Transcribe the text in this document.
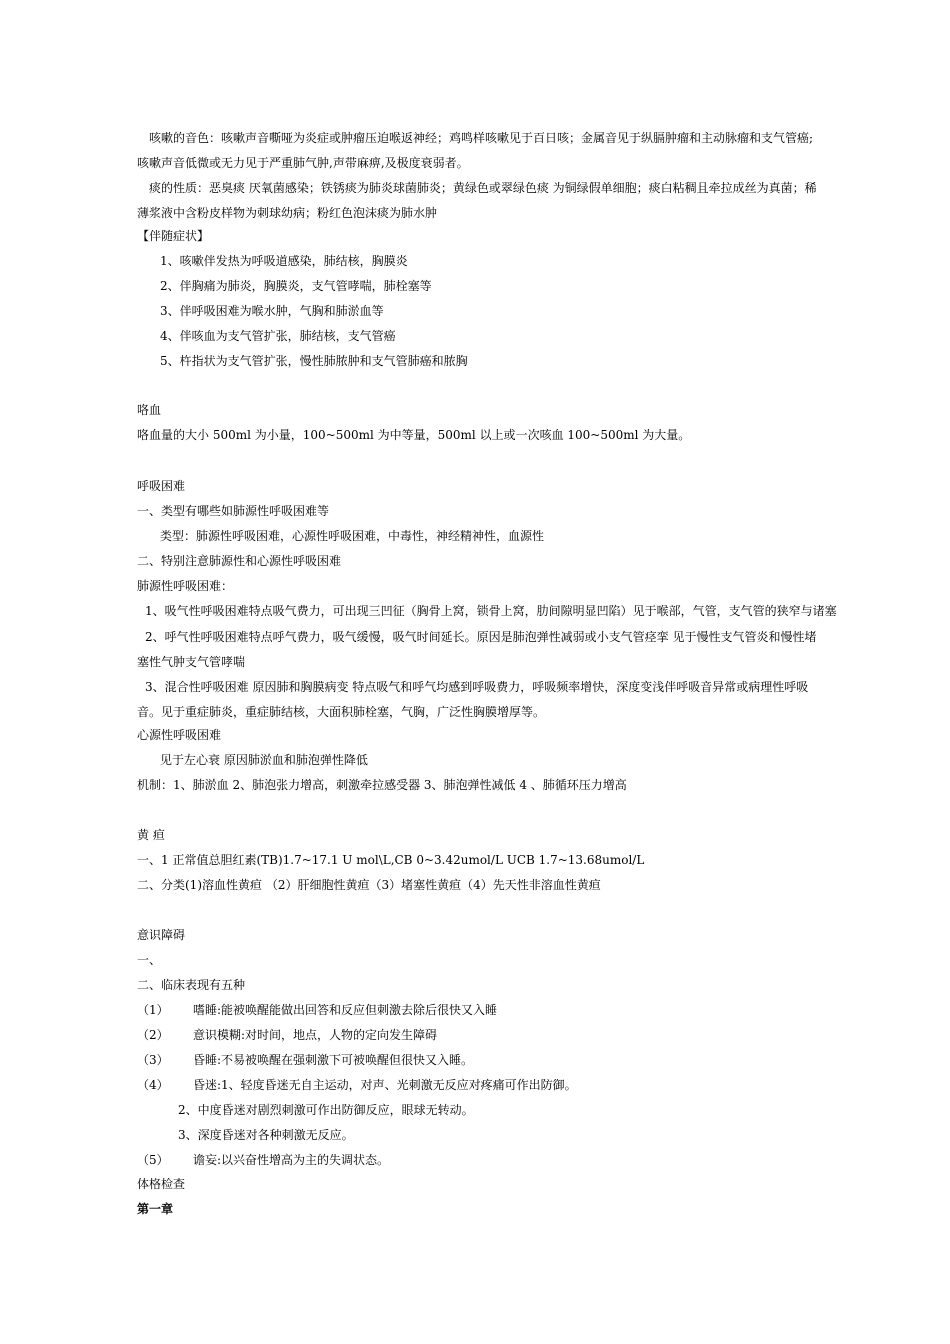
　咳嗽的音色：咳嗽声音嘶哑为炎症或肿瘤压迫喉返神经；鸡鸣样咳嗽见于百日咳；金属音见于纵膈肿瘤和主动脉瘤和支气管癌;咳嗽声音低微或无力见于严重肺气肿,声带麻痹,及极度衰弱者。
　痰的性质：恶臭痰 厌氧菌感染；铁锈痰为肺炎球菌肺炎；黄绿色或翠绿色痰 为铜绿假单细胞；痰白粘稠且牵拉成丝为真菌；稀薄浆液中含粉皮样物为刺球幼病；粉红色泡沫痰为肺水肿
【伴随症状】
1、咳嗽伴发热为呼吸道感染，肺结核，胸膜炎
2、伴胸痛为肺炎，胸膜炎，支气管哮喘，肺栓塞等
3、伴呼吸困难为喉水肿，气胸和肺淤血等
4、伴咳血为支气管扩张，肺结核，支气管癌
5、杵指状为支气管扩张，慢性肺脓肿和支气管肺癌和脓胸
咯血
咯血量的大小 500ml 为小量，100~500ml 为中等量，500ml 以上或一次咳血 100~500ml 为大量。
呼吸困难
一、类型有哪些如肺源性呼吸困难等
类型：肺源性呼吸困难，心源性呼吸困难，中毒性，神经精神性，血源性
二、特别注意肺源性和心源性呼吸困难
肺源性呼吸困难：
1、吸气性呼吸困难特点吸气费力，可出现三凹征（胸骨上窝，锁骨上窝，肋间隙明显凹陷）见于喉部，气管，支气管的狭窄与诸塞
2、呼气性呼吸困难特点呼气费力，吸气缓慢，吸气时间延长。原因是肺泡弹性减弱或小支气管痉挛 见于慢性支气管炎和慢性堵塞性气肿支气管哮喘
3、混合性呼吸困难 原因肺和胸膜病变 特点吸气和呼气均感到呼吸费力，呼吸频率增快，深度变浅伴呼吸音异常或病理性呼吸音。见于重症肺炎，重症肺结核，大面积肺栓塞，气胸，广泛性胸膜增厚等。
心源性呼吸困难
见于左心衰 原因肺淤血和肺泡弹性降低
机制：1、肺淤血 2、肺泡张力增高，刺激牵拉感受器 3、肺泡弹性减低 4 、肺循环压力增高
黄 疸
一、1 正常值总胆红素(TB)1.7~17.1 U mol\L,CB 0~3.42umol/L UCB 1.7~13.68umol/L
二、分类(1)溶血性黄疸 （2）肝细胞性黄疸（3）堵塞性黄疸（4）先天性非溶血性黄疸
意识障碍
一、
二、临床表现有五种
（1） 嗜睡:能被唤醒能做出回答和反应但刺激去除后很快又入睡
（2） 意识模糊:对时间，地点，人物的定向发生障碍
（3） 昏睡:不易被唤醒在强刺激下可被唤醒但很快又入睡。
（4） 昏迷:1、轻度昏迷无自主运动，对声、光刺激无反应对疼痛可作出防御。
2、中度昏迷对剧烈刺激可作出防御反应，眼球无转动。
3、深度昏迷对各种刺激无反应。
（5） 谵妄:以兴奋性增高为主的失调状态。
体格检查
第一章
